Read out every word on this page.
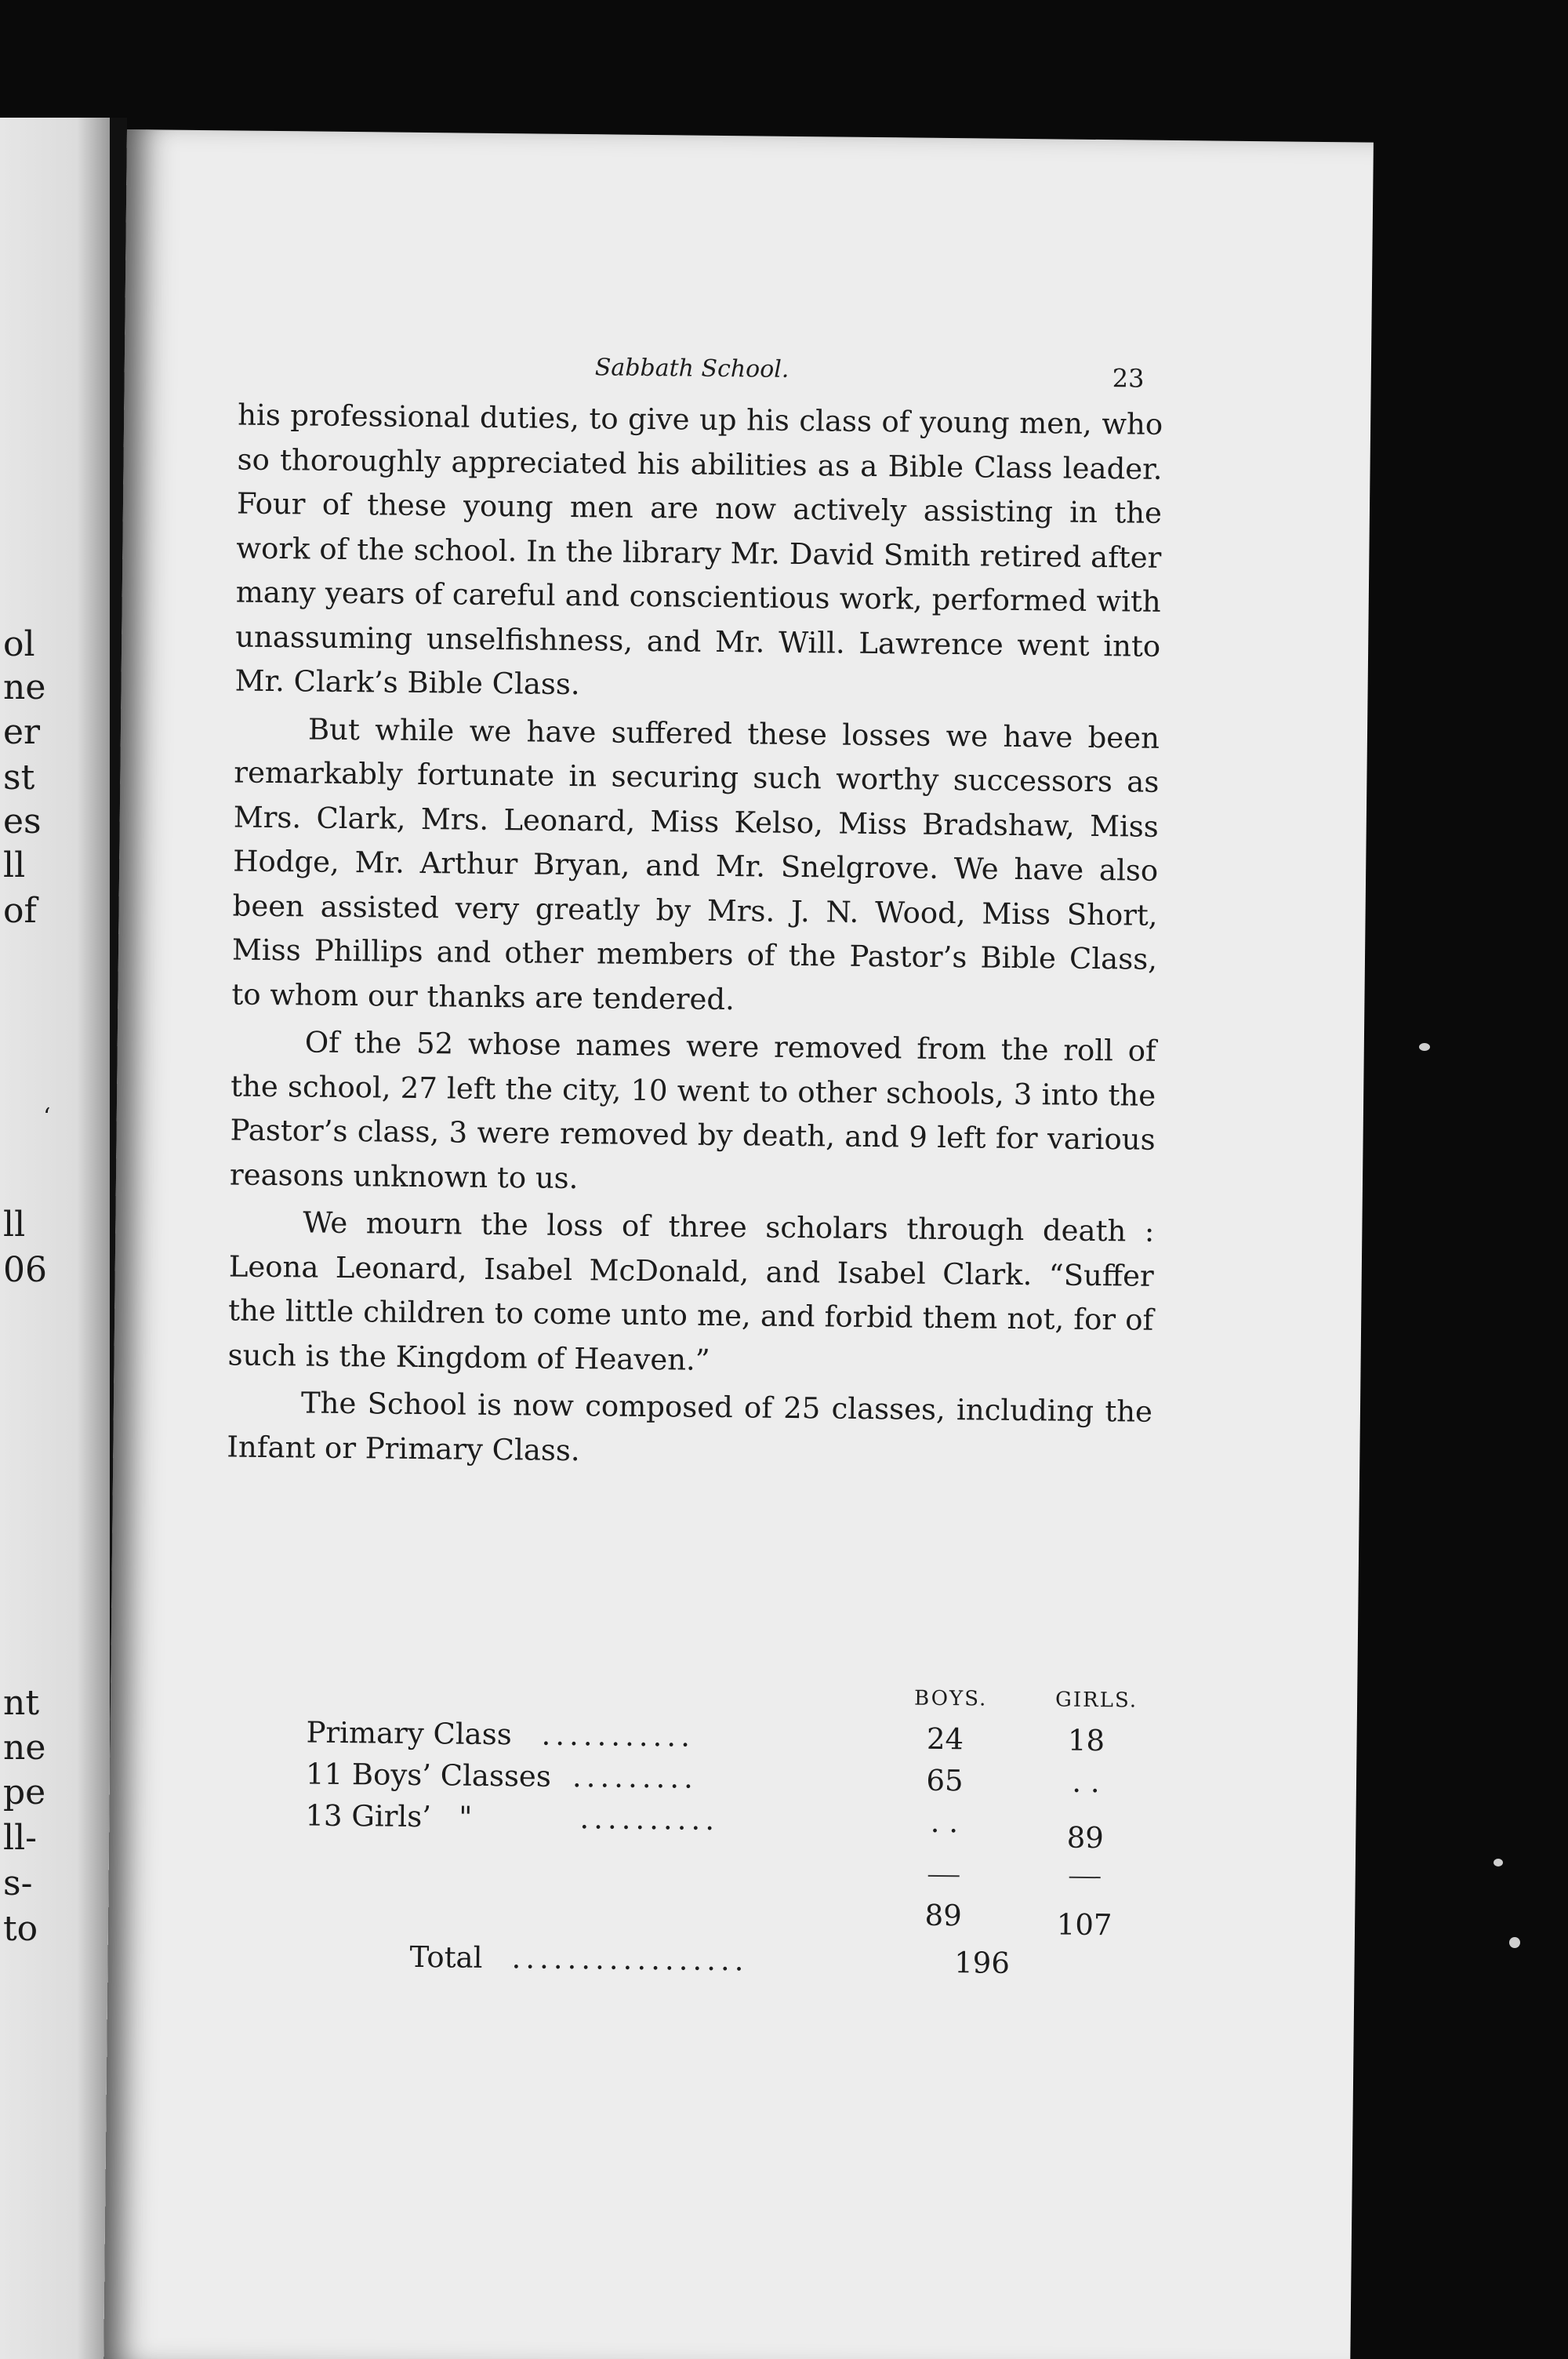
ol
ne
er
st
es
ll
of
‘
ll
06
nt
ne
pe
ll-
s-
to
Sabbath School.	23

his professional duties, to give up his class of young men, who so thoroughly appreciated his abilities as a Bible Class leader. Four of these young men are now actively assisting in the work of the school. In the library Mr. David Smith retired after many years of careful and conscientious work, performed with unassuming unselfishness, and Mr. Will. Lawrence went into Mr. Clark’s Bible Class.

But while we have suffered these losses we have been remarkably fortunate in securing such worthy successors as Mrs. Clark, Mrs. Leonard, Miss Kelso, Miss Bradshaw, Miss Hodge, Mr. Arthur Bryan, and Mr. Snelgrove. We have also been assisted very greatly by Mrs. J. N. Wood, Miss Short, Miss Phillips and other members of the Pastor’s Bible Class, to whom our thanks are tendered.

Of the 52 whose names were removed from the roll of the school, 27 left the city, 10 went to other schools, 3 into the Pastor’s class, 3 were removed by death, and 9 left for various reasons unknown to us.

We mourn the loss of three scholars through death : Leona Leonard, Isabel McDonald, and Isabel Clark. “Suffer the little children to come unto me, and forbid them not, for of such is the Kingdom of Heaven.”

The School is now composed of 25 classes, including the Infant or Primary Class.

BOYS.	GIRLS.
Primary Class ...........	24	18
11 Boys’ Classes .........	65	. .
13 Girls’   "	..........	. .	89
89	107
Total .................	196
